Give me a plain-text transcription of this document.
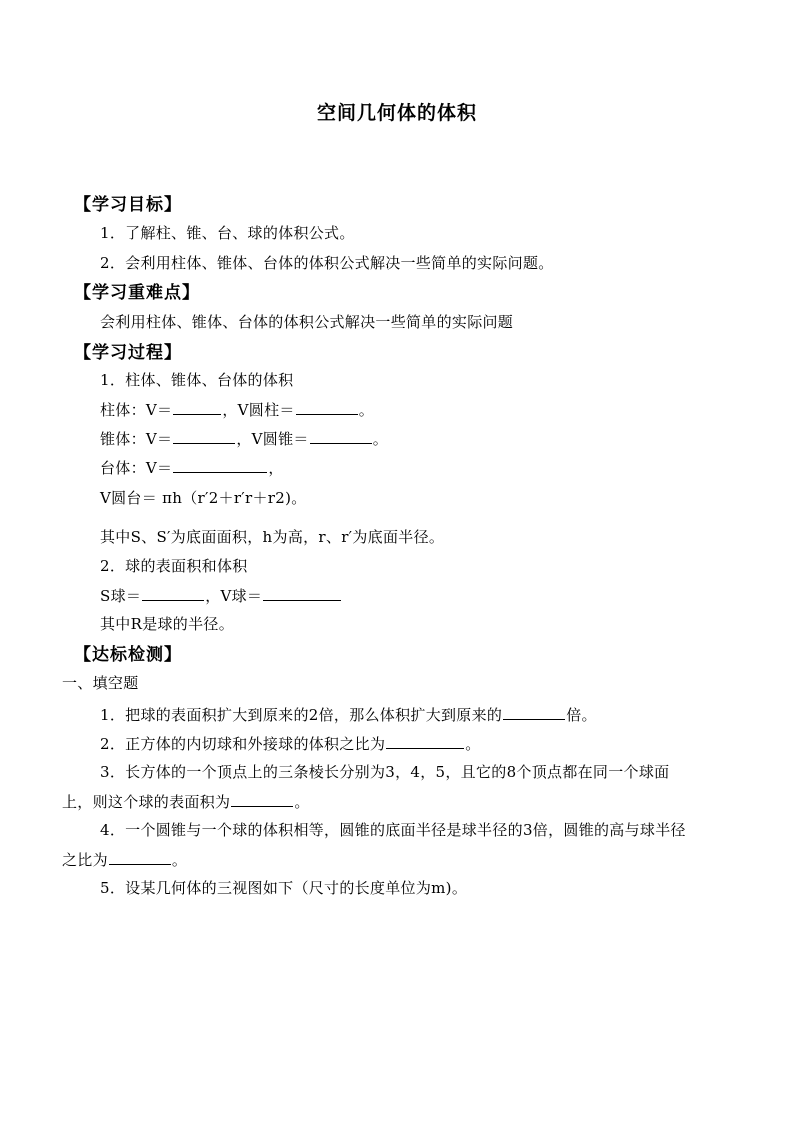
空间几何体的体积
【学习目标】
1．了解柱、锥、台、球的体积公式。
2．会利用柱体、锥体、台体的体积公式解决一些简单的实际问题。
【学习重难点】
会利用柱体、锥体、台体的体积公式解决一些简单的实际问题
【学习过程】
1．柱体、锥体、台体的体积
柱体：V＝	，V圆柱＝	。
锥体：V＝	，V圆锥＝	。
台体：V＝	，
V圆台＝ πh（r′2＋r′r＋r2)。
其中S、S′为底面面积，h为高，r、r′为底面半径。
2．球的表面积和体积
S球＝	，V球＝
其中R是球的半径。
【达标检测】
一、填空题
1．把球的表面积扩大到原来的2倍，那么体积扩大到原来的	倍。
2．正方体的内切球和外接球的体积之比为	。
3．长方体的一个顶点上的三条棱长分别为3，4，5，且它的8个顶点都在同一个球面
上，则这个球的表面积为	。
4．一个圆锥与一个球的体积相等，圆锥的底面半径是球半径的3倍，圆锥的高与球半径
之比为	。
5．设某几何体的三视图如下（尺寸的长度单位为m)。
